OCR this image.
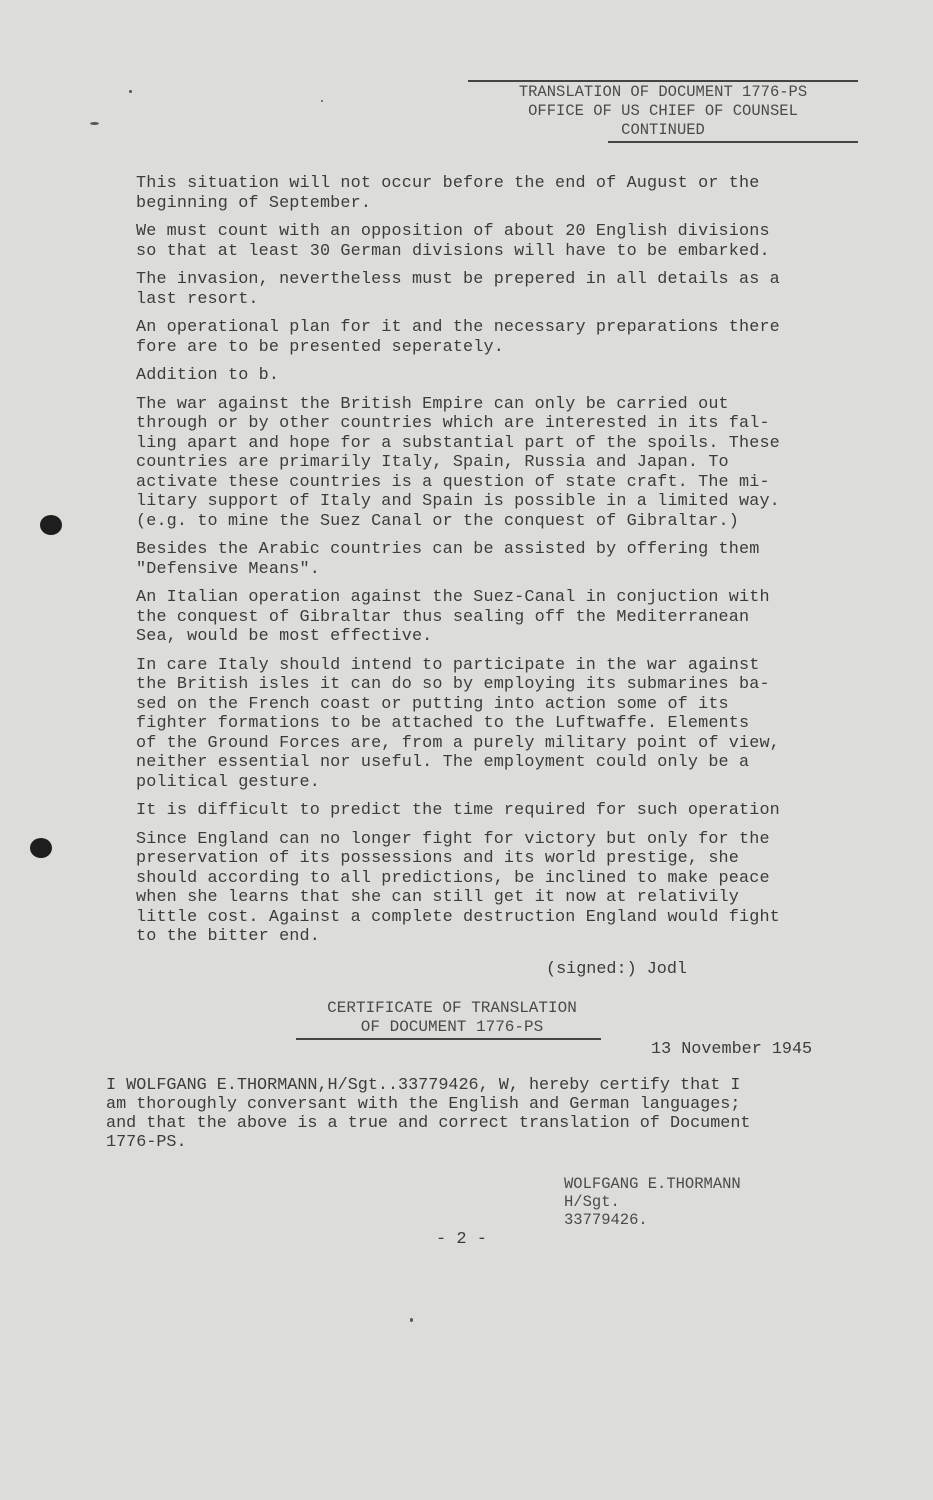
TRANSLATION OF DOCUMENT 1776-PS
OFFICE OF US CHIEF OF COUNSEL
CONTINUED
This situation will not occur before the end of August or the
beginning of September.
We must count with an opposition of about 20 English divisions
so that at least 30 German divisions will have to be embarked.
The invasion, nevertheless must be prepered in all details as a
last resort.
An operational plan for it and the necessary preparations there
fore are to be presented seperately.
Addition to b.
The war against the British Empire can only be carried out
through or by other countries which are interested in its fal-
ling apart and hope for a substantial part of the spoils. These
countries are primarily Italy, Spain, Russia and Japan. To
activate these countries is a question of state craft. The mi-
litary support of Italy and Spain is possible in a limited way.
(e.g. to mine the Suez Canal or the conquest of Gibraltar.)
Besides the Arabic countries can be assisted by offering them
"Defensive Means".
An Italian operation against the Suez-Canal in conjuction with
the conquest of Gibraltar thus sealing off the Mediterranean
Sea, would be most effective.
In care Italy should intend to participate in the war against
the British isles it can do so by employing its submarines ba-
sed on the French coast or putting into action some of its
fighter formations to be attached to the Luftwaffe. Elements
of the Ground Forces are, from a purely military point of view,
neither essential nor useful. The employment could only be a
political gesture.
It is difficult to predict the time required for such operation
Since England can no longer fight for victory but only for the
preservation of its possessions and its world prestige, she
should according to all predictions, be inclined to make peace
when she learns that she can still get it now at relativily
little cost. Against a complete destruction England would fight
to the bitter end.
(signed:) Jodl
CERTIFICATE OF TRANSLATION
OF DOCUMENT 1776-PS
13 November 1945
I WOLFGANG E.THORMANN,H/Sgt..33779426, W, hereby certify that I
am thoroughly conversant with the English and German languages;
and that the above is a true and correct translation of Document
1776-PS.
WOLFGANG E.THORMANN
H/Sgt.
33779426.
- 2 -
